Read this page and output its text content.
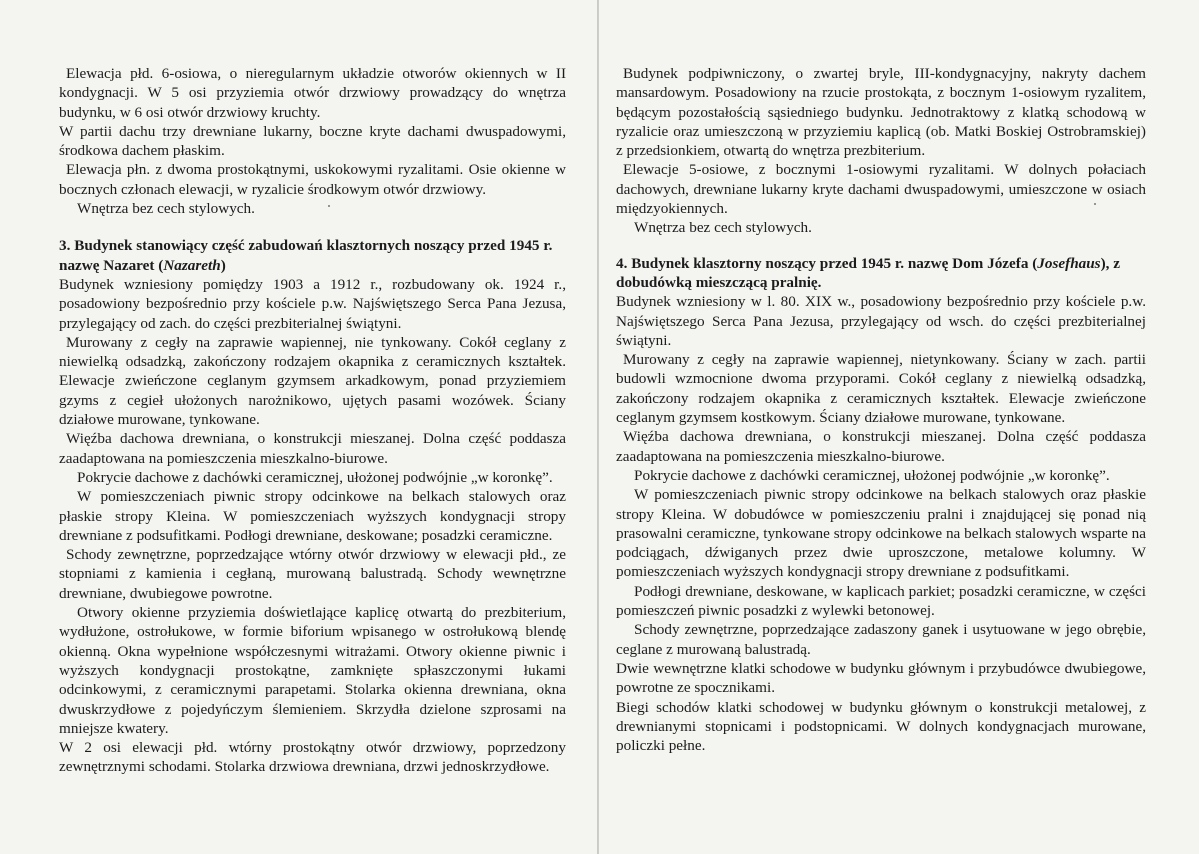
Elewacja płd. 6-osiowa, o nieregularnym układzie otworów okiennych w II kondygnacji. W 5 osi przyziemia otwór drzwiowy prowadzący do wnętrza budynku, w 6 osi otwór drzwiowy kruchty.

W partii dachu trzy drewniane lukarny, boczne kryte dachami dwuspadowymi, środkowa dachem płaskim.

Elewacja płn. z dwoma prostokątnymi, uskokowymi ryzalitami. Osie okienne w bocznych członach elewacji, w ryzalicie środkowym otwór drzwiowy.

Wnętrza bez cech stylowych.

3. Budynek stanowiący część zabudowań klasztornych noszący przed 1945 r. nazwę Nazaret (Nazareth)

Budynek wzniesiony pomiędzy 1903 a 1912 r., rozbudowany ok. 1924 r., posadowiony bezpośrednio przy kościele p.w. Najświętszego Serca Pana Jezusa, przylegający od zach. do części prezbiterialnej świątyni.

Murowany z cegły na zaprawie wapiennej, nie tynkowany. Cokół ceglany z niewielką odsadzką, zakończony rodzajem okapnika z ceramicznych kształtek. Elewacje zwieńczone ceglanym gzymsem arkadkowym, ponad przyziemiem gzyms z cegieł ułożonych narożnikowo, ujętych pasami wozówek. Ściany działowe murowane, tynkowane.

Więźba dachowa drewniana, o konstrukcji mieszanej. Dolna część poddasza zaadaptowana na pomieszczenia mieszkalno-biurowe.

Pokrycie dachowe z dachówki ceramicznej, ułożonej podwójnie „w koronkę”.

W pomieszczeniach piwnic stropy odcinkowe na belkach stalowych oraz płaskie stropy Kleina. W pomieszczeniach wyższych kondygnacji stropy drewniane z podsufitkami. Podłogi drewniane, deskowane; posadzki ceramiczne.

Schody zewnętrzne, poprzedzające wtórny otwór drzwiowy w elewacji płd., ze stopniami z kamienia i cegłaną, murowaną balustradą. Schody wewnętrzne drewniane, dwubiegowe powrotne.

Otwory okienne przyziemia doświetlające kaplicę otwartą do prezbiterium, wydłużone, ostrołukowe, w formie biforium wpisanego w ostrołukową blendę okienną. Okna wypełnione współczesnymi witrażami. Otwory okienne piwnic i wyższych kondygnacji prostokątne, zamknięte spłaszczonymi łukami odcinkowymi, z ceramicznymi parapetami. Stolarka okienna drewniana, okna dwuskrzydłowe z pojedyńczym ślemieniem. Skrzydła dzielone szprosami na mniejsze kwatery.

W 2 osi elewacji płd. wtórny prostokątny otwór drzwiowy, poprzedzony zewnętrznymi schodami. Stolarka drzwiowa drewniana, drzwi jednoskrzydłowe.

Budynek podpiwniczony, o zwartej bryle, III-kondygnacyjny, nakryty dachem mansardowym. Posadowiony na rzucie prostokąta, z bocznym 1-osiowym ryzalitem, będącym pozostałością sąsiedniego budynku. Jednotraktowy z klatką schodową w ryzalicie oraz umieszczoną w przyziemiu kaplicą (ob. Matki Boskiej Ostrobramskiej) z przedsionkiem, otwartą do wnętrza prezbiterium.

Elewacje 5-osiowe, z bocznymi 1-osiowymi ryzalitami. W dolnych połaciach dachowych, drewniane lukarny kryte dachami dwuspadowymi, umieszczone w osiach międzyokiennych.

Wnętrza bez cech stylowych.

4. Budynek klasztorny noszący przed 1945 r. nazwę Dom Józefa (Josefhaus), z dobudówką mieszczącą pralnię.

Budynek wzniesiony w l. 80. XIX w., posadowiony bezpośrednio przy kościele p.w. Najświętszego Serca Pana Jezusa, przylegający od wsch. do części prezbiterialnej świątyni.

Murowany z cegły na zaprawie wapiennej, nietynkowany. Ściany w zach. partii budowli wzmocnione dwoma przyporami. Cokół ceglany z niewielką odsadzką, zakończony rodzajem okapnika z ceramicznych kształtek. Elewacje zwieńczone ceglanym gzymsem kostkowym. Ściany działowe murowane, tynkowane.

Więźba dachowa drewniana, o konstrukcji mieszanej. Dolna część poddasza zaadaptowana na pomieszczenia mieszkalno-biurowe.

Pokrycie dachowe z dachówki ceramicznej, ułożonej podwójnie „w koronkę”.

W pomieszczeniach piwnic stropy odcinkowe na belkach stalowych oraz płaskie stropy Kleina. W dobudówce w pomieszczeniu pralni i znajdującej się ponad nią prasowalni ceramiczne, tynkowane stropy odcinkowe na belkach stalowych wsparte na podciągach, dźwiganych przez dwie uproszczone, metalowe kolumny. W pomieszczeniach wyższych kondygnacji stropy drewniane z podsufitkami.

Podłogi drewniane, deskowane, w kaplicach parkiet; posadzki ceramiczne, w części pomieszczeń piwnic posadzki z wylewki betonowej.

Schody zewnętrzne, poprzedzające zadaszony ganek i usytuowane w jego obrębie, ceglane z murowaną balustradą.

Dwie wewnętrzne klatki schodowe w budynku głównym i przybudówce dwubiegowe, powrotne ze spocznikami.

Biegi schodów klatki schodowej w budynku głównym o konstrukcji metalowej, z drewnianymi stopnicami i podstopnicami. W dolnych kondygnacjach murowane, policzki pełne.
